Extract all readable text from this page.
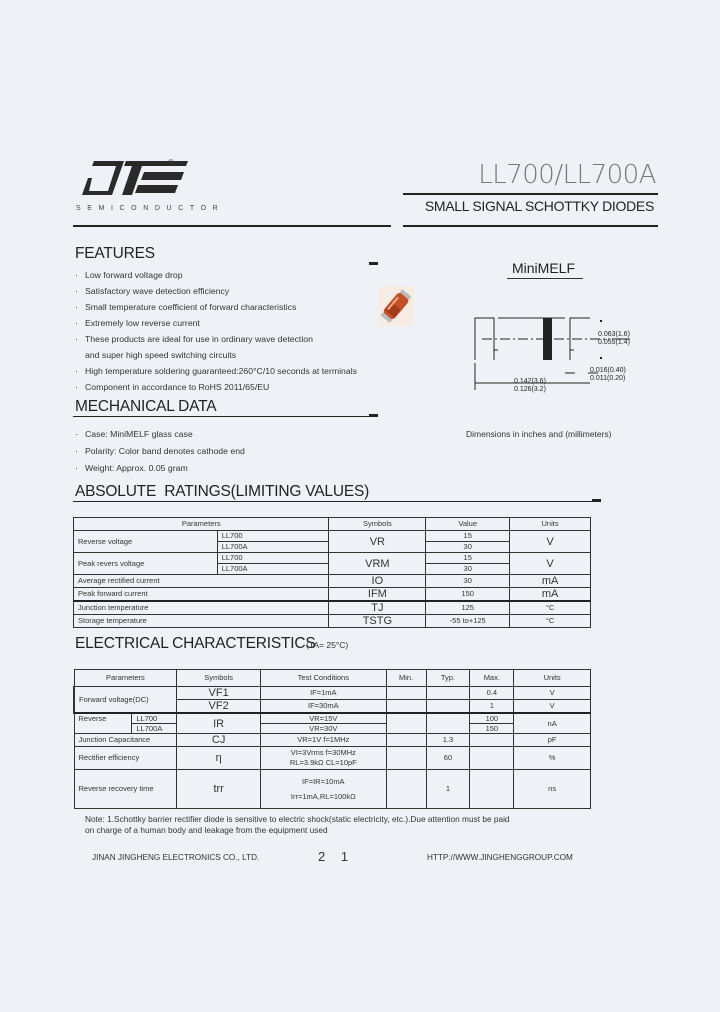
®
SEMICONDUCTOR
LL700/LL700A
SMALL SIGNAL SCHOTTKY DIODES
FEATURES
· Low forward voltage drop
· Satisfactory wave detection efficiency
· Small temperature coefficient of forward characteristics
· Extremely low reverse current
· These products are ideal for use in ordinary wave detection
and super high speed switching circuits
· High temperature soldering guaranteed:260°C/10 seconds at terminals
· Component in accordance to RoHS 2011/65/EU
MiniMELF
0.063(1.6)
0.055(1.4)
0.016(0.40)
0.011(0.20)
0.142(3.6)
0.126(3.2)
Dimensions in inches and (millimeters)
MECHANICAL DATA
· Case: MiniMELF glass case
· Polarity: Color band denotes cathode end
· Weight: Approx. 0.05 gram
ABSOLUTE  RATINGS(LIMITING VALUES)
Parameters		Symbols	Value	Units
Reverse voltage	LL700	VR	15	V
	LL700A		30	
Peak revers voltage	LL700	VRM	15	V
	LL700A		30	
Average rectified current		IO	30	mA
Peak forward current		IFM	150	mA
Junction temperature		TJ	125	°C
Storage temperature		TSTG	-55 to+125	°C
ELECTRICAL CHARACTERISTICS
(TA= 25°C)
Parameters		Symbols	Test Conditions	Min.	Typ.	Max.	Units
Forward voltage(DC)		VF1	IF=1mA			0.4	V
		VF2	IF=30mA			1	V
Reverse	LL700	IR	VR=15V			100	nA
	LL700A		VR=30V			150	
Junction Capacitance		CJ	VR=1V f=1MHz		1.3		pF
Rectifier efficiency		η	VI=3Vrms f=30MHz
RL=3.9kΩ CL=10pF		60		%
Reverse recovery time		trr	IF=IR=10mA
Irr=1mA,RL=100kΩ		1		ns
Note: 1.Schottky barrier rectifier diode is sensitive to electric shock(static electricity, etc.).Due attention must be paid
on charge of a human body and leakage from the equipment used
JINAN JINGHENG ELECTRONICS CO., LTD.	2 1	HTTP://WWW.JINGHENGGROUP.COM
